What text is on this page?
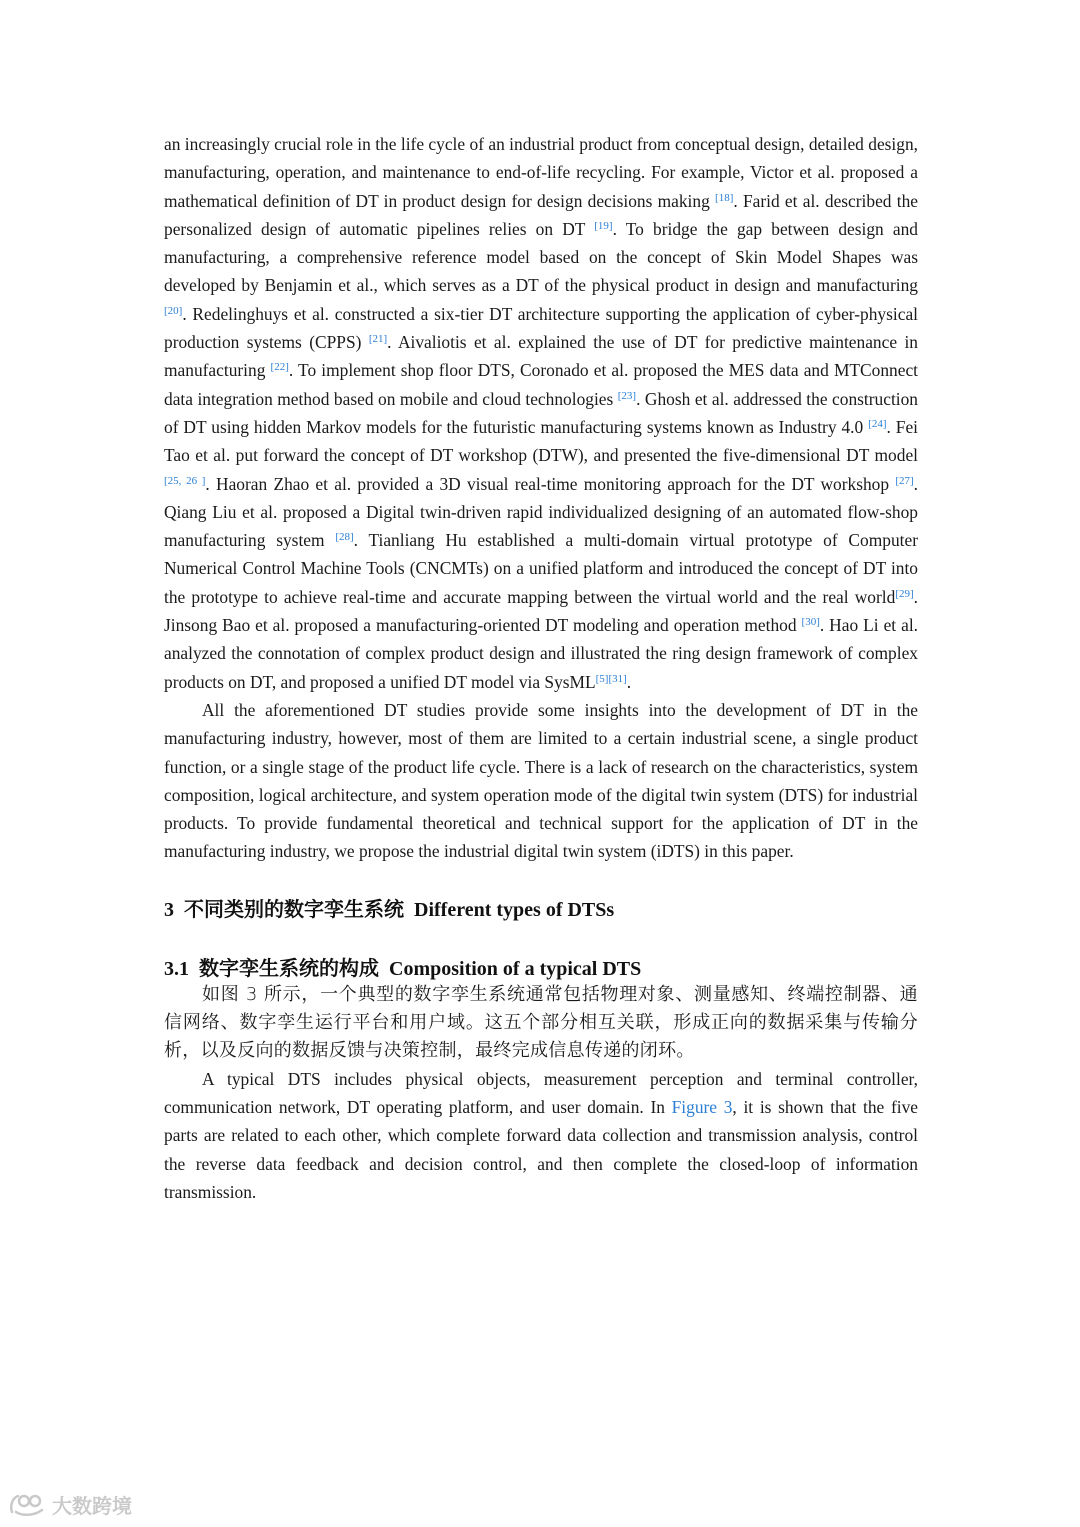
an increasingly crucial role in the life cycle of an industrial product from conceptual design, detailed design, manufacturing, operation, and maintenance to end-of-life recycling. For example, Victor et al. proposed a mathematical definition of DT in product design for design decisions making [18]. Farid et al. described the personalized design of automatic pipelines relies on DT [19]. To bridge the gap between design and manufacturing, a comprehensive reference model based on the concept of Skin Model Shapes was developed by Benjamin et al., which serves as a DT of the physical product in design and manufacturing [20]. Redelinghuys et al. constructed a six-tier DT architecture supporting the application of cyber-physical production systems (CPPS) [21]. Aivaliotis et al. explained the use of DT for predictive maintenance in manufacturing [22]. To implement shop floor DTS, Coronado et al. proposed the MES data and MTConnect data integration method based on mobile and cloud technologies [23]. Ghosh et al. addressed the construction of DT using hidden Markov models for the futuristic manufacturing systems known as Industry 4.0 [24]. Fei Tao et al. put forward the concept of DT workshop (DTW), and presented the five-dimensional DT model [25, 26 ]. Haoran Zhao et al. provided a 3D visual real-time monitoring approach for the DT workshop [27]. Qiang Liu et al. proposed a Digital twin-driven rapid individualized designing of an automated flow-shop manufacturing system [28]. Tianliang Hu established a multi-domain virtual prototype of Computer Numerical Control Machine Tools (CNCMTs) on a unified platform and introduced the concept of DT into the prototype to achieve real-time and accurate mapping between the virtual world and the real world[29]. Jinsong Bao et al. proposed a manufacturing-oriented DT modeling and operation method [30]. Hao Li et al. analyzed the connotation of complex product design and illustrated the ring design framework of complex products on DT, and proposed a unified DT model via SysML[5][31].

All the aforementioned DT studies provide some insights into the development of DT in the manufacturing industry, however, most of them are limited to a certain industrial scene, a single product function, or a single stage of the product life cycle. There is a lack of research on the characteristics, system composition, logical architecture, and system operation mode of the digital twin system (DTS) for industrial products. To provide fundamental theoretical and technical support for the application of DT in the manufacturing industry, we propose the industrial digital twin system (iDTS) in this paper.

3 不同类别的数字孪生系统 Different types of DTSs
3.1 数字孪生系统的构成 Composition of a typical DTS

如图 3 所示，一个典型的数字孪生系统通常包括物理对象、测量感知、终端控制器、通信网络、数字孪生运行平台和用户域。这五个部分相互关联，形成正向的数据采集与传输分析，以及反向的数据反馈与决策控制，最终完成信息传递的闭环。

A typical DTS includes physical objects, measurement perception and terminal controller, communication network, DT operating platform, and user domain. In Figure 3, it is shown that the five parts are related to each other, which complete forward data collection and transmission analysis, control the reverse data feedback and decision control, and then complete the closed-loop of information transmission.

大数跨境
